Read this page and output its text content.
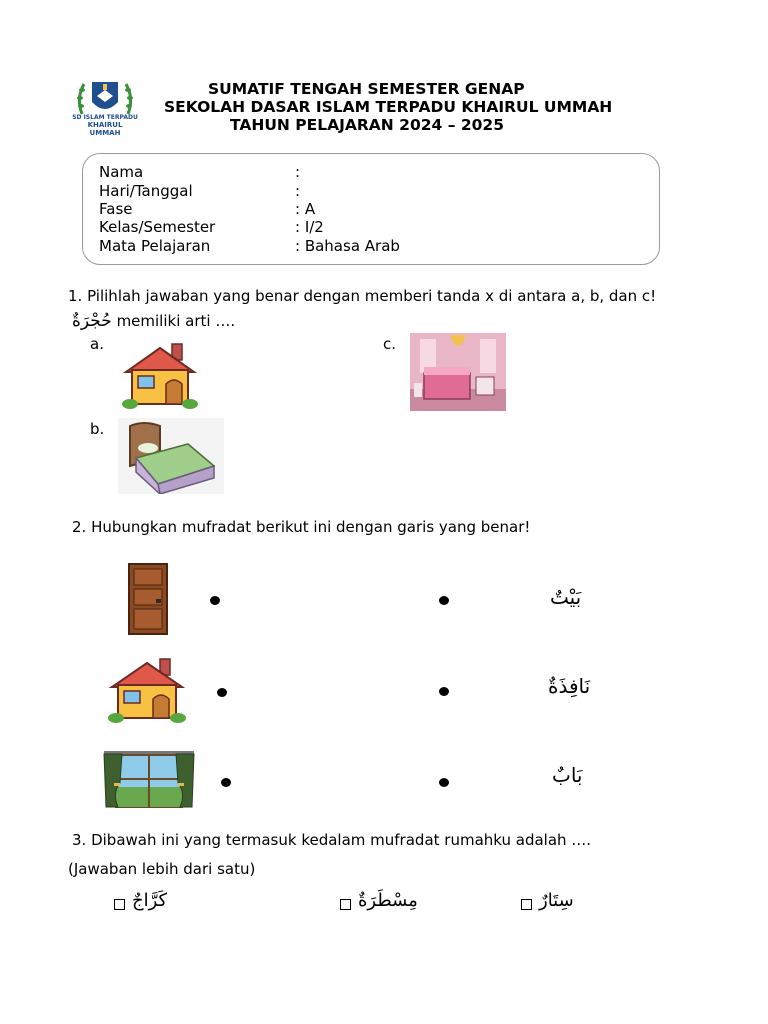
SD ISLAM TERPADU
KHAIRUL UMMAH
SUMATIF TENGAH SEMESTER GENAP
SEKOLAH DASAR ISLAM TERPADU KHAIRUL UMMAH
TAHUN PELAJARAN 2024 – 2025
Nama	:
Hari/Tanggal	:
Fase	: A
Kelas/Semester	: I/2
Mata Pelajaran	: Bahasa Arab
1. Pilihlah jawaban yang benar dengan memberi tanda x di antara a, b, dan c!
حُجْرَةٌ memiliki arti ….
a.
b.
c.
2. Hubungkan mufradat berikut ini dengan garis yang benar!
بَيْتٌ
نَافِذَةٌ
بَابٌ
3. Dibawah ini yang termasuk kedalam mufradat rumahku adalah ….
(Jawaban lebih dari satu)
كَرَّاجٌ	مِسْطَرَةٌ	سِتَارٌ
